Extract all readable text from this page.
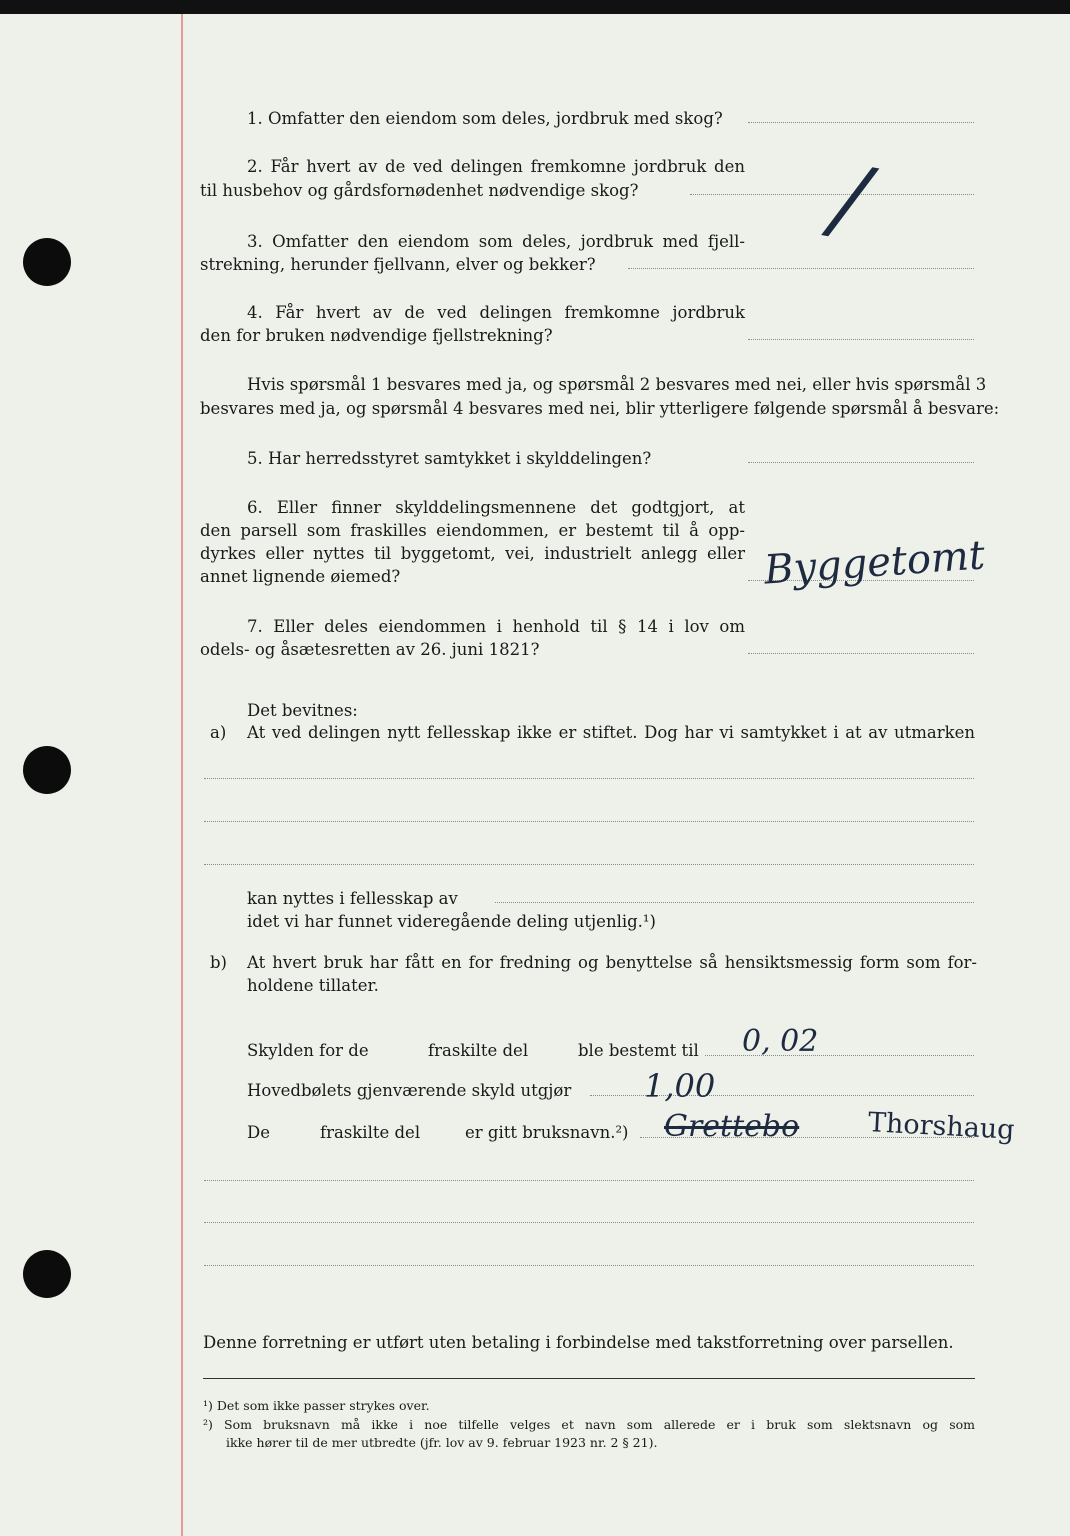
1. Omfatter den eiendom som deles, jordbruk med skog?
2. Får hvert av de ved delingen fremkomne jordbruk den
til husbehov og gårdsfornødenhet nødvendige skog? /
3. Omfatter den eiendom som deles, jordbruk med fjell-
strekning, herunder fjellvann, elver og bekker?
4. Får hvert av de ved delingen fremkomne jordbruk
den for bruken nødvendige fjellstrekning?
Hvis spørsmål 1 besvares med ja, og spørsmål 2 besvares med nei, eller hvis spørsmål 3
besvares med ja, og spørsmål 4 besvares med nei, blir ytterligere følgende spørsmål å besvare:
5. Har herredsstyret samtykket i skylddelingen?
6. Eller finner skylddelingsmennene det godtgjort, at
den parsell som fraskilles eiendommen, er bestemt til å opp-
dyrkes eller nyttes til byggetomt, vei, industrielt anlegg eller
annet lignende øiemed?	Byggetomt
7. Eller deles eiendommen i henhold til § 14 i lov om
odels- og åsætesretten av 26. juni 1821?
Det bevitnes:
a) At ved delingen nytt fellesskap ikke er stiftet. Dog har vi samtykket i at av utmarken
kan nyttes i fellesskap av
idet vi har funnet videregående deling utjenlig.¹)
b) At hvert bruk har fått en for fredning og benyttelse så hensiktsmessig form som for-
holdene tillater.
Skylden for de	fraskilte del	ble bestemt til 0, 02
Hovedbølets gjenværende skyld utgjør 1,00
De	fraskilte del	er gitt bruksnavn.²) Grettebo	Thorshaug
Denne forretning er utført uten betaling i forbindelse med takstforretning over parsellen.
¹) Det som ikke passer strykes over.
²) Som bruksnavn må ikke i noe tilfelle velges et navn som allerede er i bruk som slektsnavn og som
ikke hører til de mer utbredte (jfr. lov av 9. februar 1923 nr. 2 § 21).
